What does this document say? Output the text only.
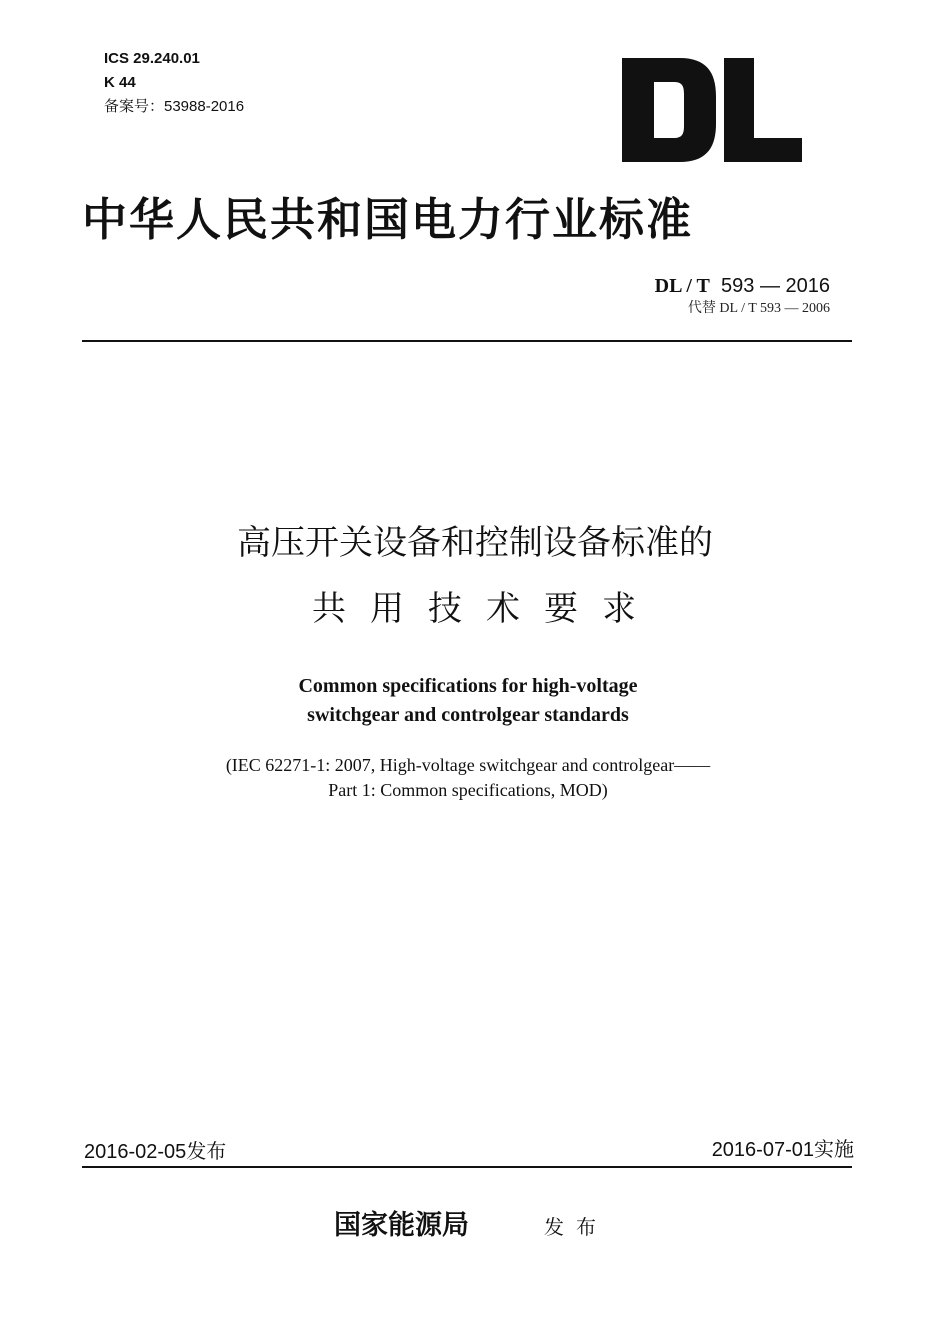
ICS 29.240.01
K 44
备案号：53988-2016
中华人民共和国电力行业标准
DL / T 593 — 2016
代替 DL / T 593 — 2006
高压开关设备和控制设备标准的
共用技术要求
Common specifications for high-voltage
switchgear and controlgear standards
(IEC 62271-1: 2007, High-voltage switchgear and controlgear——
Part 1: Common specifications, MOD)
2016-02-05发布	2016-07-01实施
国家能源局	发布
